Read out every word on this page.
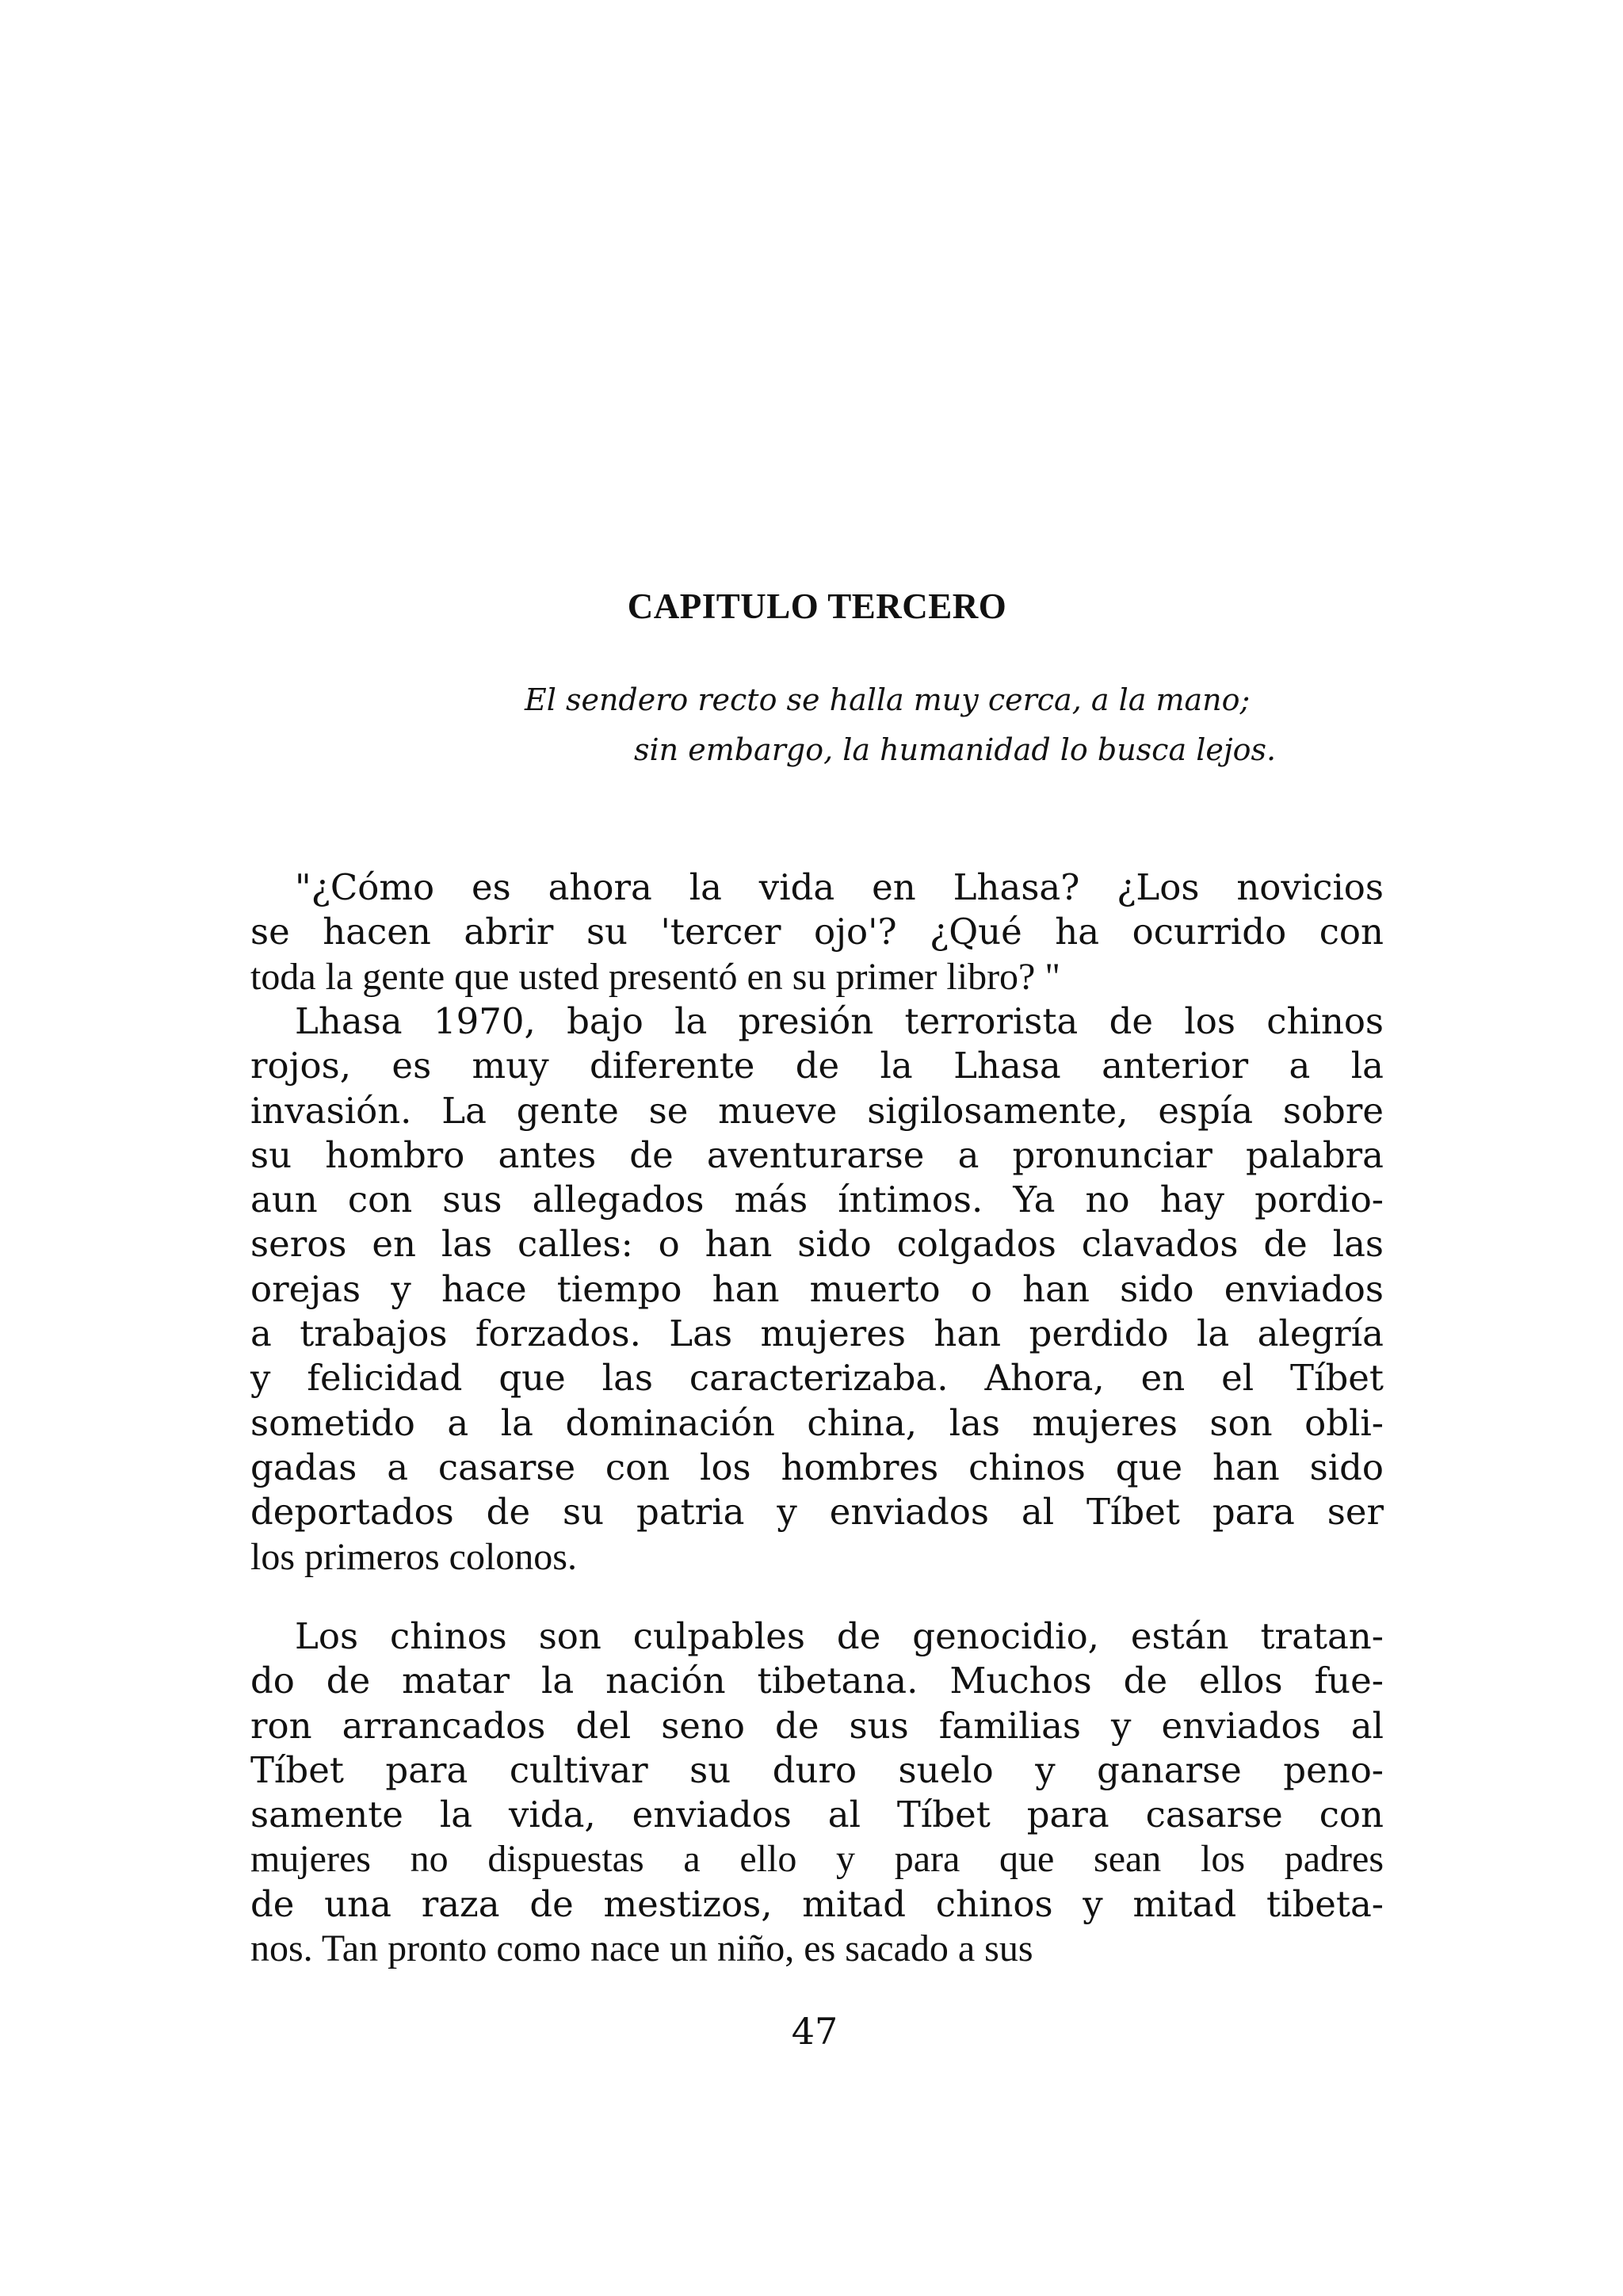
CAPITULO TERCERO
El sendero recto se halla muy cerca, a la mano;
sin embargo, la humanidad lo busca lejos.
"¿Cómo es ahora la vida en Lhasa? ¿Los novicios
se hacen abrir su 'tercer ojo'? ¿Qué ha ocurrido con
toda la gente que usted presentó en su primer libro? "
Lhasa 1970, bajo la presión terrorista de los chinos
rojos, es muy diferente de la Lhasa anterior a la
invasión. La gente se mueve sigilosamente, espía sobre
su hombro antes de aventurarse a pronunciar palabra
aun con sus allegados más íntimos. Ya no hay pordio-
seros en las calles: o han sido colgados clavados de las
orejas y hace tiempo han muerto o han sido enviados
a trabajos forzados. Las mujeres han perdido la alegría
y felicidad que las caracterizaba. Ahora, en el Tíbet
sometido a la dominación china, las mujeres son obli-
gadas a casarse con los hombres chinos que han sido
deportados de su patria y enviados al Tíbet para ser
los primeros colonos.
Los chinos son culpables de genocidio, están tratan-
do de matar la nación tibetana. Muchos de ellos fue-
ron arrancados del seno de sus familias y enviados al
Tíbet para cultivar su duro suelo y ganarse peno-
samente la vida, enviados al Tíbet para casarse con
mujeres no dispuestas a ello y para que sean los padres
de una raza de mestizos, mitad chinos y mitad tibeta-
nos. Tan pronto como nace un niño, es sacado a sus
47
